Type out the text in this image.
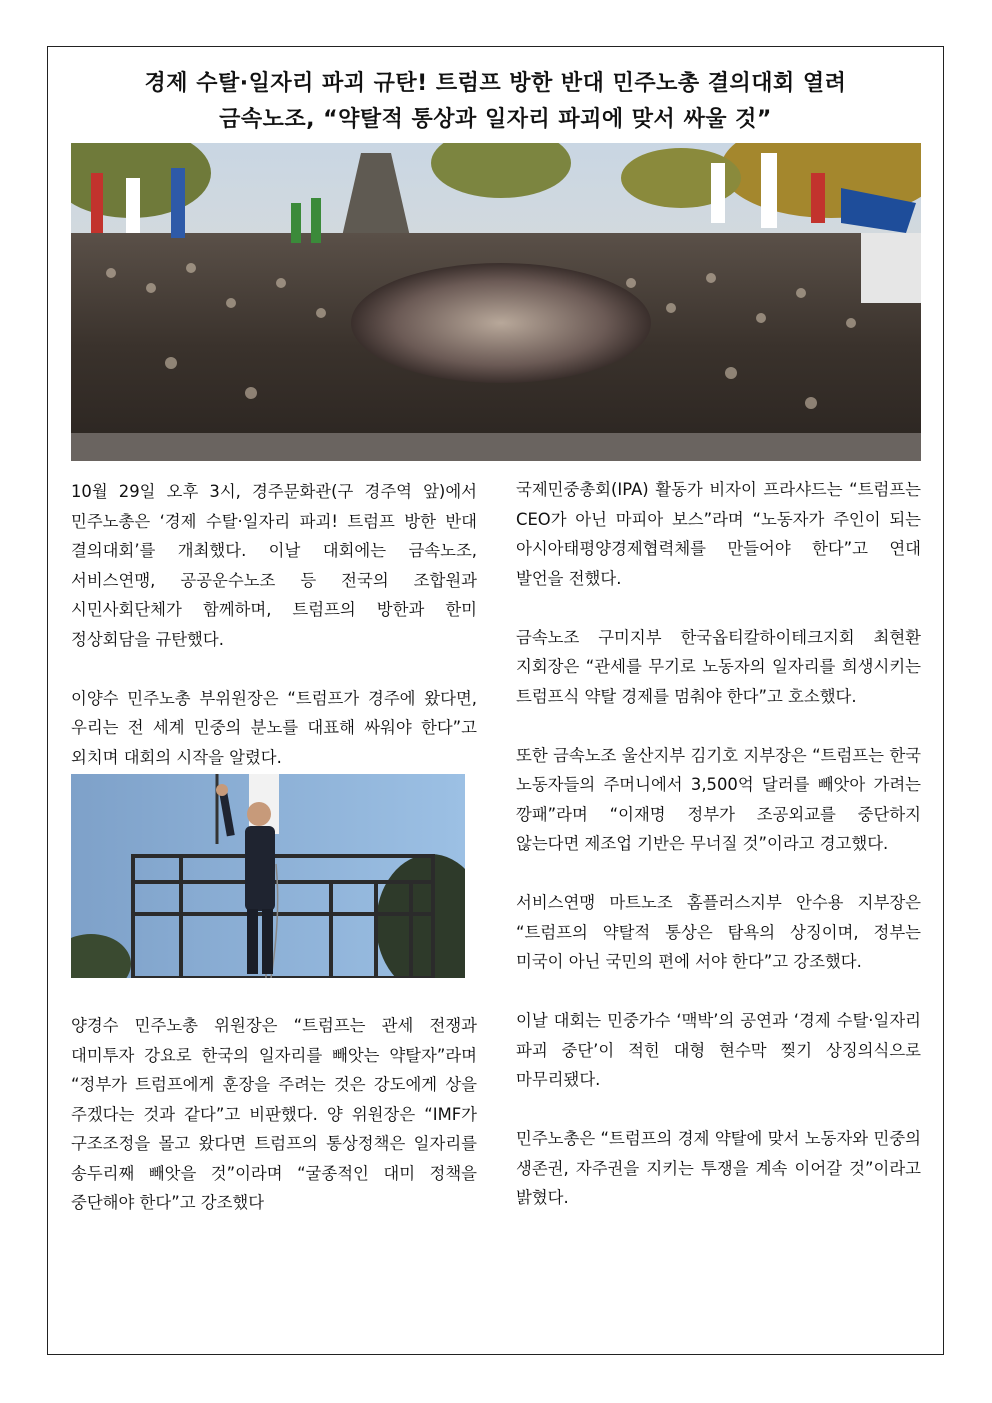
경제 수탈·일자리 파괴 규탄! 트럼프 방한 반대 민주노총 결의대회 열려
금속노조, “약탈적 통상과 일자리 파괴에 맞서 싸울 것”

10월 29일 오후 3시, 경주문화관(구 경주역 앞)에서 민주노총은 ‘경제 수탈·일자리 파괴! 트럼프 방한 반대 결의대회’를 개최했다. 이날 대회에는 금속노조, 서비스연맹, 공공운수노조 등 전국의 조합원과 시민사회단체가 함께하며, 트럼프의 방한과 한미 정상회담을 규탄했다.

이양수 민주노총 부위원장은 “트럼프가 경주에 왔다면, 우리는 전 세계 민중의 분노를 대표해 싸워야 한다”고 외치며 대회의 시작을 알렸다.

양경수 민주노총 위원장은 “트럼프는 관세 전쟁과 대미투자 강요로 한국의 일자리를 빼앗는 약탈자”라며 “정부가 트럼프에게 훈장을 주려는 것은 강도에게 상을 주겠다는 것과 같다”고 비판했다. 양 위원장은 “IMF가 구조조정을 몰고 왔다면 트럼프의 통상정책은 일자리를 송두리째 빼앗을 것”이라며 “굴종적인 대미 정책을 중단해야 한다”고 강조했다

국제민중총회(IPA) 활동가 비자이 프라샤드는 “트럼프는 CEO가 아닌 마피아 보스”라며 “노동자가 주인이 되는 아시아태평양경제협력체를 만들어야 한다”고 연대 발언을 전했다.

금속노조 구미지부 한국옵티칼하이테크지회 최현환 지회장은 “관세를 무기로 노동자의 일자리를 희생시키는 트럼프식 약탈 경제를 멈춰야 한다”고 호소했다.

또한 금속노조 울산지부 김기호 지부장은 “트럼프는 한국 노동자들의 주머니에서 3,500억 달러를 빼앗아 가려는 깡패”라며 “이재명 정부가 조공외교를 중단하지 않는다면 제조업 기반은 무너질 것”이라고 경고했다.

서비스연맹 마트노조 홈플러스지부 안수용 지부장은 “트럼프의 약탈적 통상은 탐욕의 상징이며, 정부는 미국이 아닌 국민의 편에 서야 한다”고 강조했다.

이날 대회는 민중가수 ‘맥박’의 공연과 ‘경제 수탈·일자리 파괴 중단’이 적힌 대형 현수막 찢기 상징의식으로 마무리됐다.

민주노총은 “트럼프의 경제 약탈에 맞서 노동자와 민중의 생존권, 자주권을 지키는 투쟁을 계속 이어갈 것”이라고 밝혔다.
